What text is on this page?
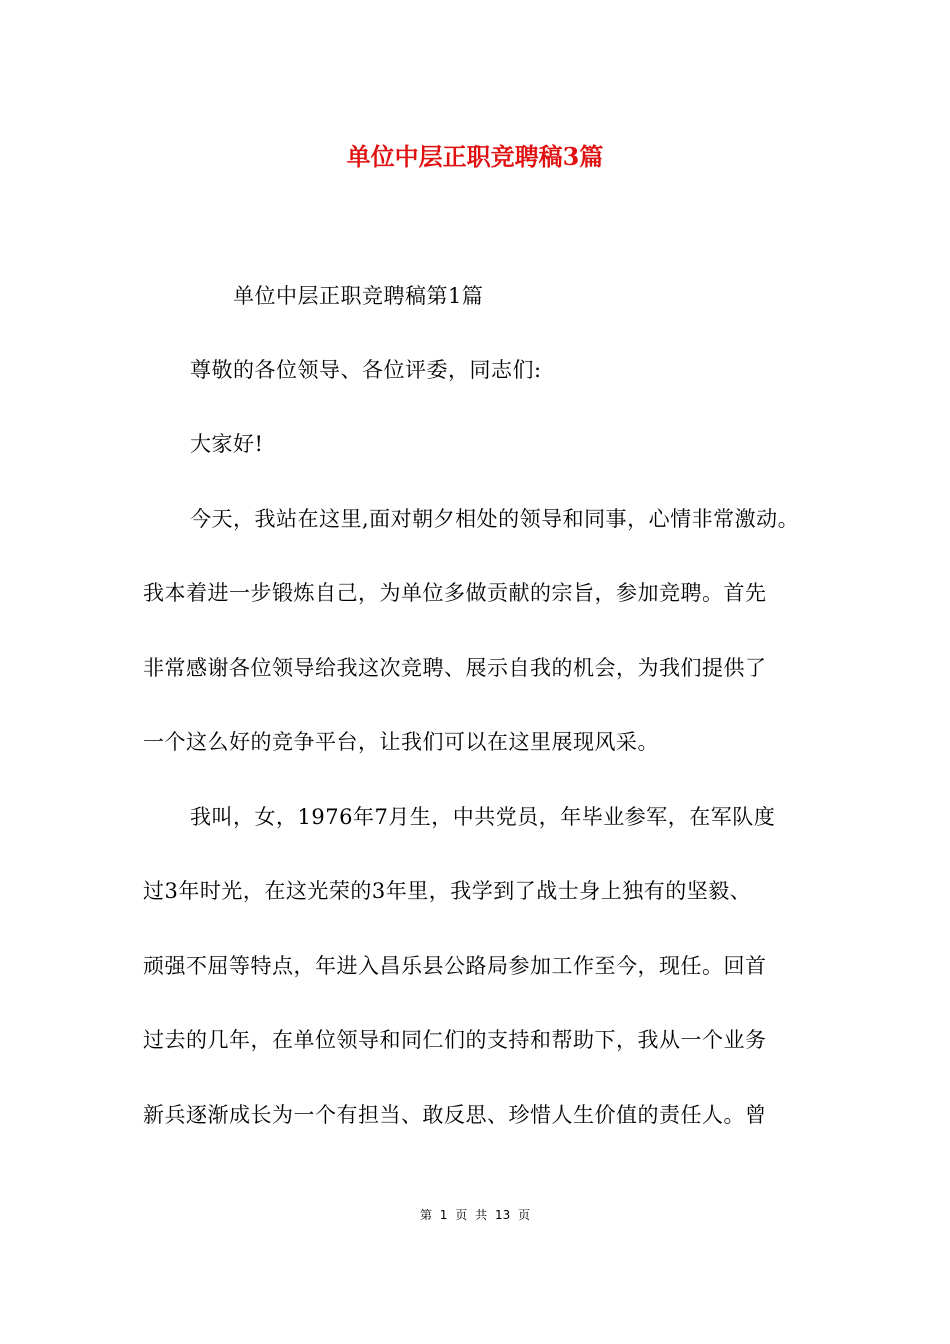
单位中层正职竞聘稿3篇
单位中层正职竞聘稿第1篇
尊敬的各位领导、各位评委，同志们:
大家好!
今天，我站在这里,面对朝夕相处的领导和同事，心情非常激动。
我本着进一步锻炼自己，为单位多做贡献的宗旨，参加竞聘。首先
非常感谢各位领导给我这次竞聘、展示自我的机会，为我们提供了
一个这么好的竞争平台，让我们可以在这里展现风采。
我叫，女，1976年7月生，中共党员，年毕业参军，在军队度
过3年时光，在这光荣的3年里，我学到了战士身上独有的坚毅、
顽强不屈等特点，年进入昌乐县公路局参加工作至今，现任。回首
过去的几年，在单位领导和同仁们的支持和帮助下，我从一个业务
新兵逐渐成长为一个有担当、敢反思、珍惜人生价值的责任人。曾
第 1 页 共 13 页
